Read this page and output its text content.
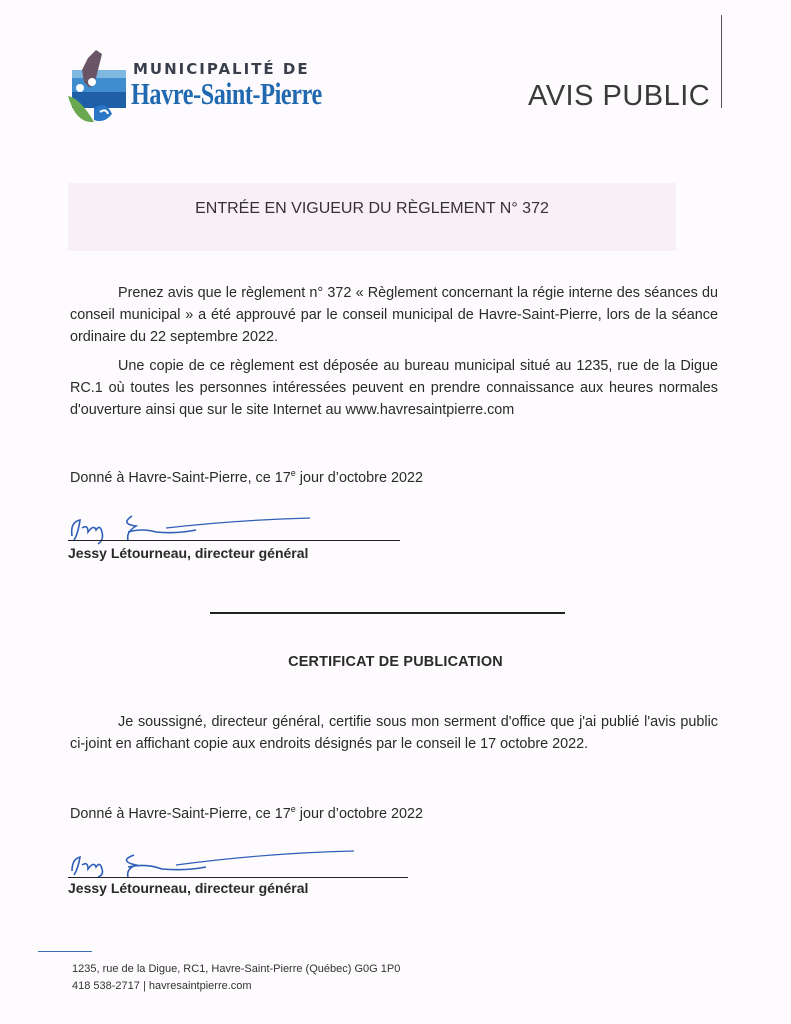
MUNICIPALITÉ DE
Havre-Saint-Pierre	AVIS PUBLIC
ENTRÉE EN VIGUEUR DU RÈGLEMENT N° 372

Prenez avis que le règlement n° 372 « Règlement concernant la régie interne des séances du conseil municipal » a été approuvé par le conseil municipal de Havre-Saint-Pierre, lors de la séance ordinaire du 22 septembre 2022.

Une copie de ce règlement est déposée au bureau municipal situé au 1235, rue de la Digue RC.1 où toutes les personnes intéressées peuvent en prendre connaissance aux heures normales d'ouverture ainsi que sur le site Internet au www.havresaintpierre.com

Donné à Havre-Saint-Pierre, ce 17e jour d’octobre 2022
Jessy Létourneau, directeur général
CERTIFICAT DE PUBLICATION

Je soussigné, directeur général, certifie sous mon serment d'office que j'ai publié l'avis public ci-joint en affichant copie aux endroits désignés par le conseil le 17 octobre 2022.

Donné à Havre-Saint-Pierre, ce 17e jour d’octobre 2022
Jessy Létourneau, directeur général
1235, rue de la Digue, RC1, Havre-Saint-Pierre (Québec) G0G 1P0
418 538-2717 | havresaintpierre.com
